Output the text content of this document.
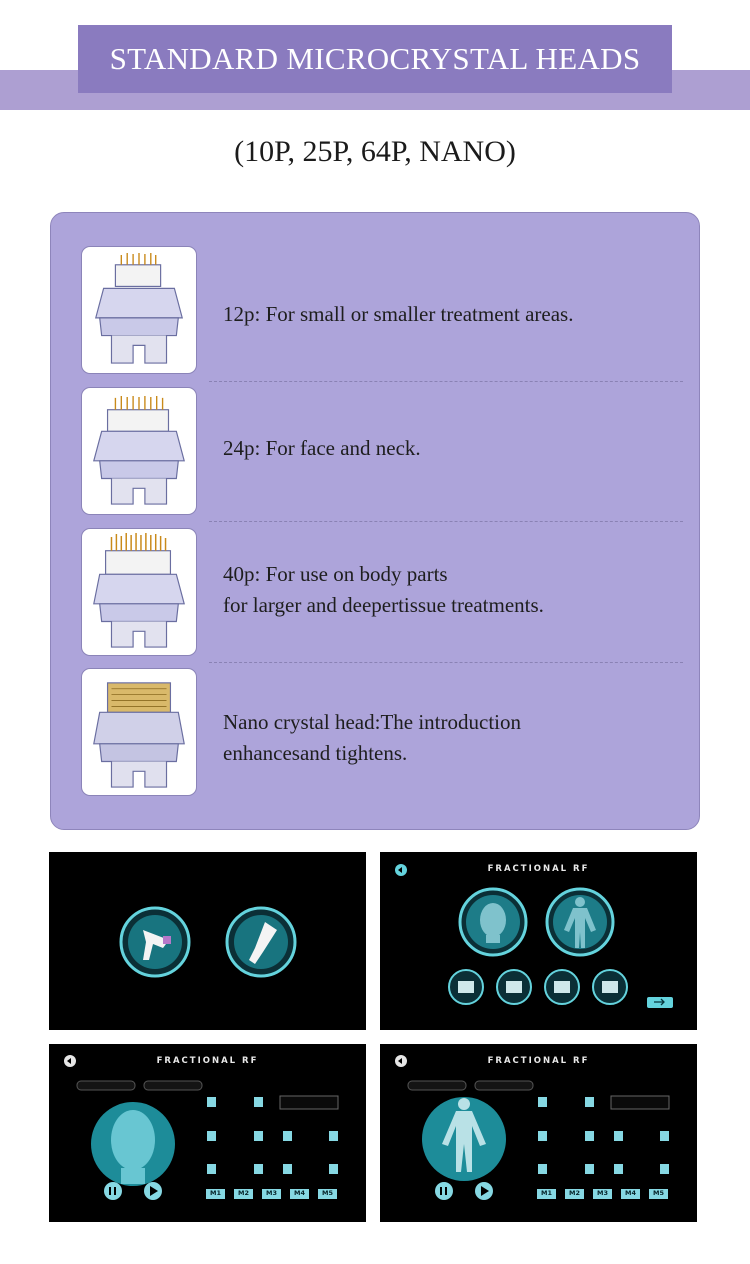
STANDARD MICROCRYSTAL HEADS
(10P, 25P, 64P, NANO)
12p: For small or smaller treatment areas.
24p: For face and neck.
40p: For use on body parts
for larger and deepertissue treatments.
Nano crystal head:The introduction
enhancesand tightens.
FRACTIONAL RF
FRACTIONAL RF
M1	M2	M3	M4	M5
FRACTIONAL RF
M1	M2	M3	M4	M5
